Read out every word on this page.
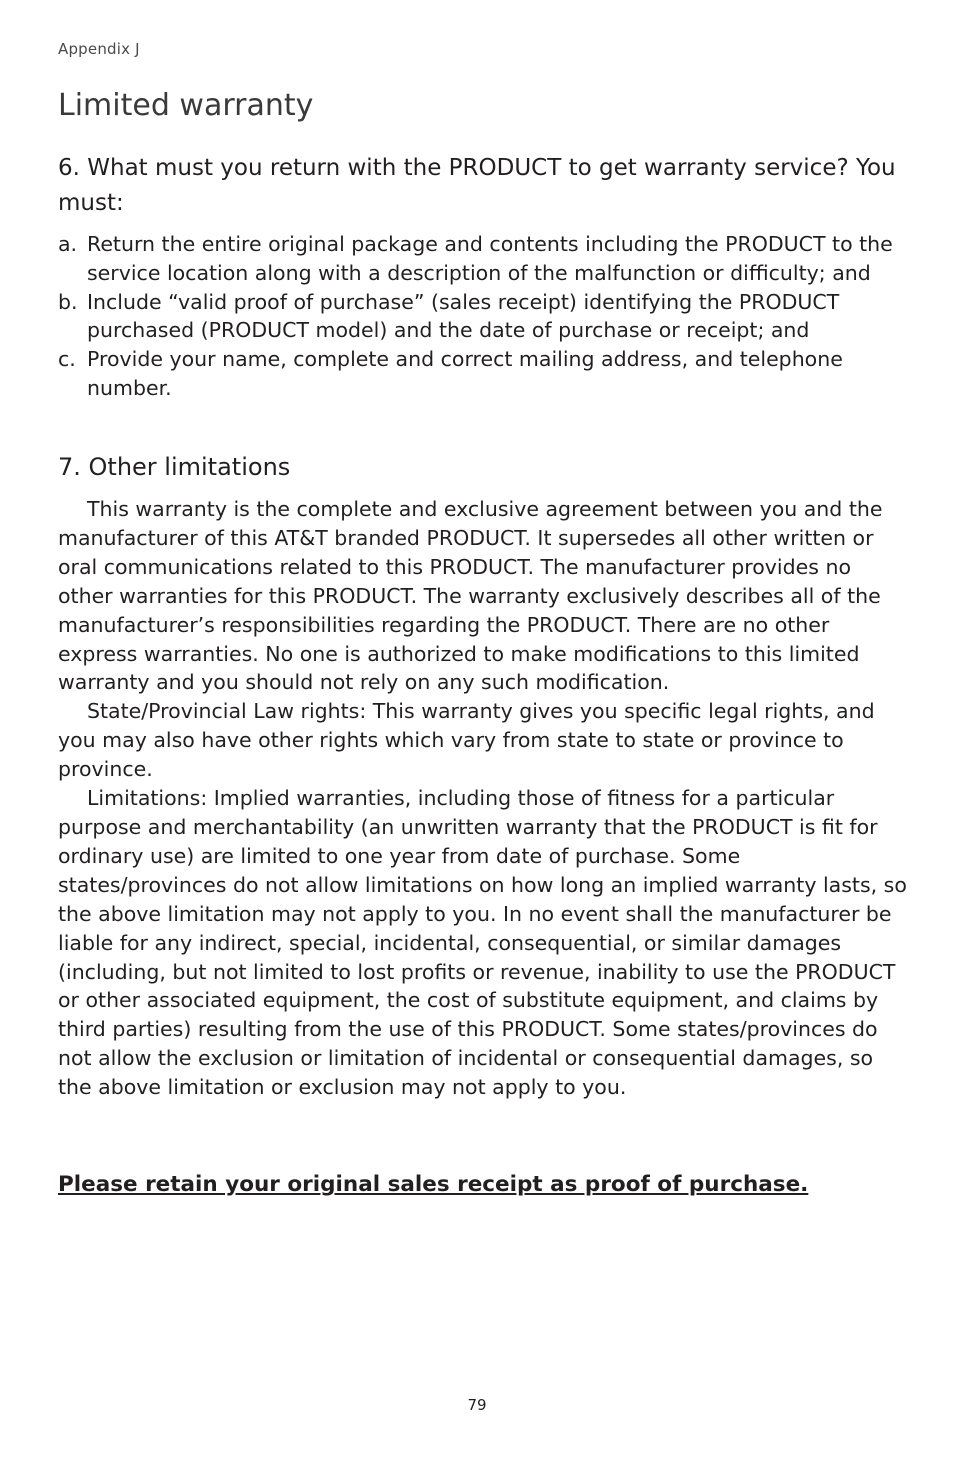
Appendix J
Limited warranty
6. What must you return with the PRODUCT to get warranty service? You must:
a. Return the entire original package and contents including the PRODUCT to the service location along with a description of the malfunction or difficulty; and
b. Include “valid proof of purchase” (sales receipt) identifying the PRODUCT purchased (PRODUCT model) and the date of purchase or receipt; and
c. Provide your name, complete and correct mailing address, and telephone number.
7. Other limitations

This warranty is the complete and exclusive agreement between you and the manufacturer of this AT&T branded PRODUCT. It supersedes all other written or oral communications related to this PRODUCT. The manufacturer provides no other warranties for this PRODUCT. The warranty exclusively describes all of the manufacturer’s responsibilities regarding the PRODUCT. There are no other express warranties. No one is authorized to make modifications to this limited warranty and you should not rely on any such modification.

State/Provincial Law rights: This warranty gives you specific legal rights, and you may also have other rights which vary from state to state or province to province.

Limitations: Implied warranties, including those of fitness for a particular purpose and merchantability (an unwritten warranty that the PRODUCT is fit for ordinary use) are limited to one year from date of purchase. Some states/provinces do not allow limitations on how long an implied warranty lasts, so the above limitation may not apply to you. In no event shall the manufacturer be liable for any indirect, special, incidental, consequential, or similar damages (including, but not limited to lost profits or revenue, inability to use the PRODUCT or other associated equipment, the cost of substitute equipment, and claims by third parties) resulting from the use of this PRODUCT. Some states/provinces do not allow the exclusion or limitation of incidental or consequential damages, so the above limitation or exclusion may not apply to you.

Please retain your original sales receipt as proof of purchase.

79
